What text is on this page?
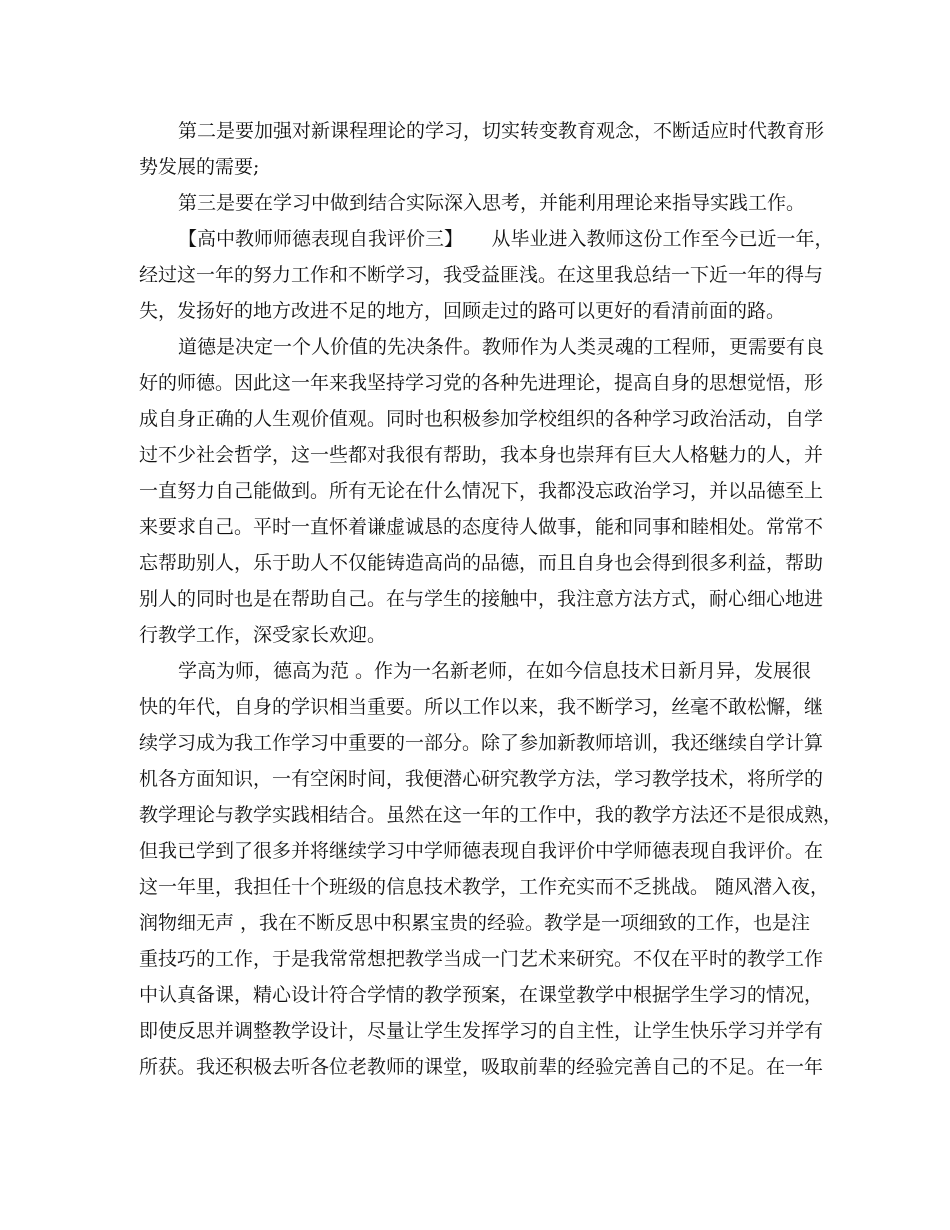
第二是要加强对新课程理论的学习，切实转变教育观念，不断适应时代教育形
势发展的需要;
第三是要在学习中做到结合实际深入思考，并能利用理论来指导实践工作。
【高中教师师德表现自我评价三】　　从毕业进入教师这份工作至今已近一年，
经过这一年的努力工作和不断学习，我受益匪浅。在这里我总结一下近一年的得与
失，发扬好的地方改进不足的地方，回顾走过的路可以更好的看清前面的路。
道德是决定一个人价值的先决条件。教师作为人类灵魂的工程师，更需要有良
好的师德。因此这一年来我坚持学习党的各种先进理论，提高自身的思想觉悟，形
成自身正确的人生观价值观。同时也积极参加学校组织的各种学习政治活动，自学
过不少社会哲学，这一些都对我很有帮助，我本身也崇拜有巨大人格魅力的人，并
一直努力自己能做到。所有无论在什么情况下，我都没忘政治学习，并以品德至上
来要求自己。平时一直怀着谦虚诚恳的态度待人做事，能和同事和睦相处。常常不
忘帮助别人，乐于助人不仅能铸造高尚的品德，而且自身也会得到很多利益，帮助
别人的同时也是在帮助自己。在与学生的接触中，我注意方法方式，耐心细心地进
行教学工作，深受家长欢迎。
学高为师，德高为范 。作为一名新老师，在如今信息技术日新月异，发展很
快的年代，自身的学识相当重要。所以工作以来，我不断学习，丝毫不敢松懈，继
续学习成为我工作学习中重要的一部分。除了参加新教师培训，我还继续自学计算
机各方面知识，一有空闲时间，我便潜心研究教学方法，学习教学技术，将所学的
教学理论与教学实践相结合。虽然在这一年的工作中，我的教学方法还不是很成熟，
但我已学到了很多并将继续学习中学师德表现自我评价中学师德表现自我评价。在
这一年里，我担任十个班级的信息技术教学，工作充实而不乏挑战。 随风潜入夜，
润物细无声 ，我在不断反思中积累宝贵的经验。教学是一项细致的工作，也是注
重技巧的工作，于是我常常想把教学当成一门艺术来研究。不仅在平时的教学工作
中认真备课，精心设计符合学情的教学预案，在课堂教学中根据学生学习的情况，
即使反思并调整教学设计，尽量让学生发挥学习的自主性，让学生快乐学习并学有
所获。我还积极去听各位老教师的课堂，吸取前辈的经验完善自己的不足。在一年
